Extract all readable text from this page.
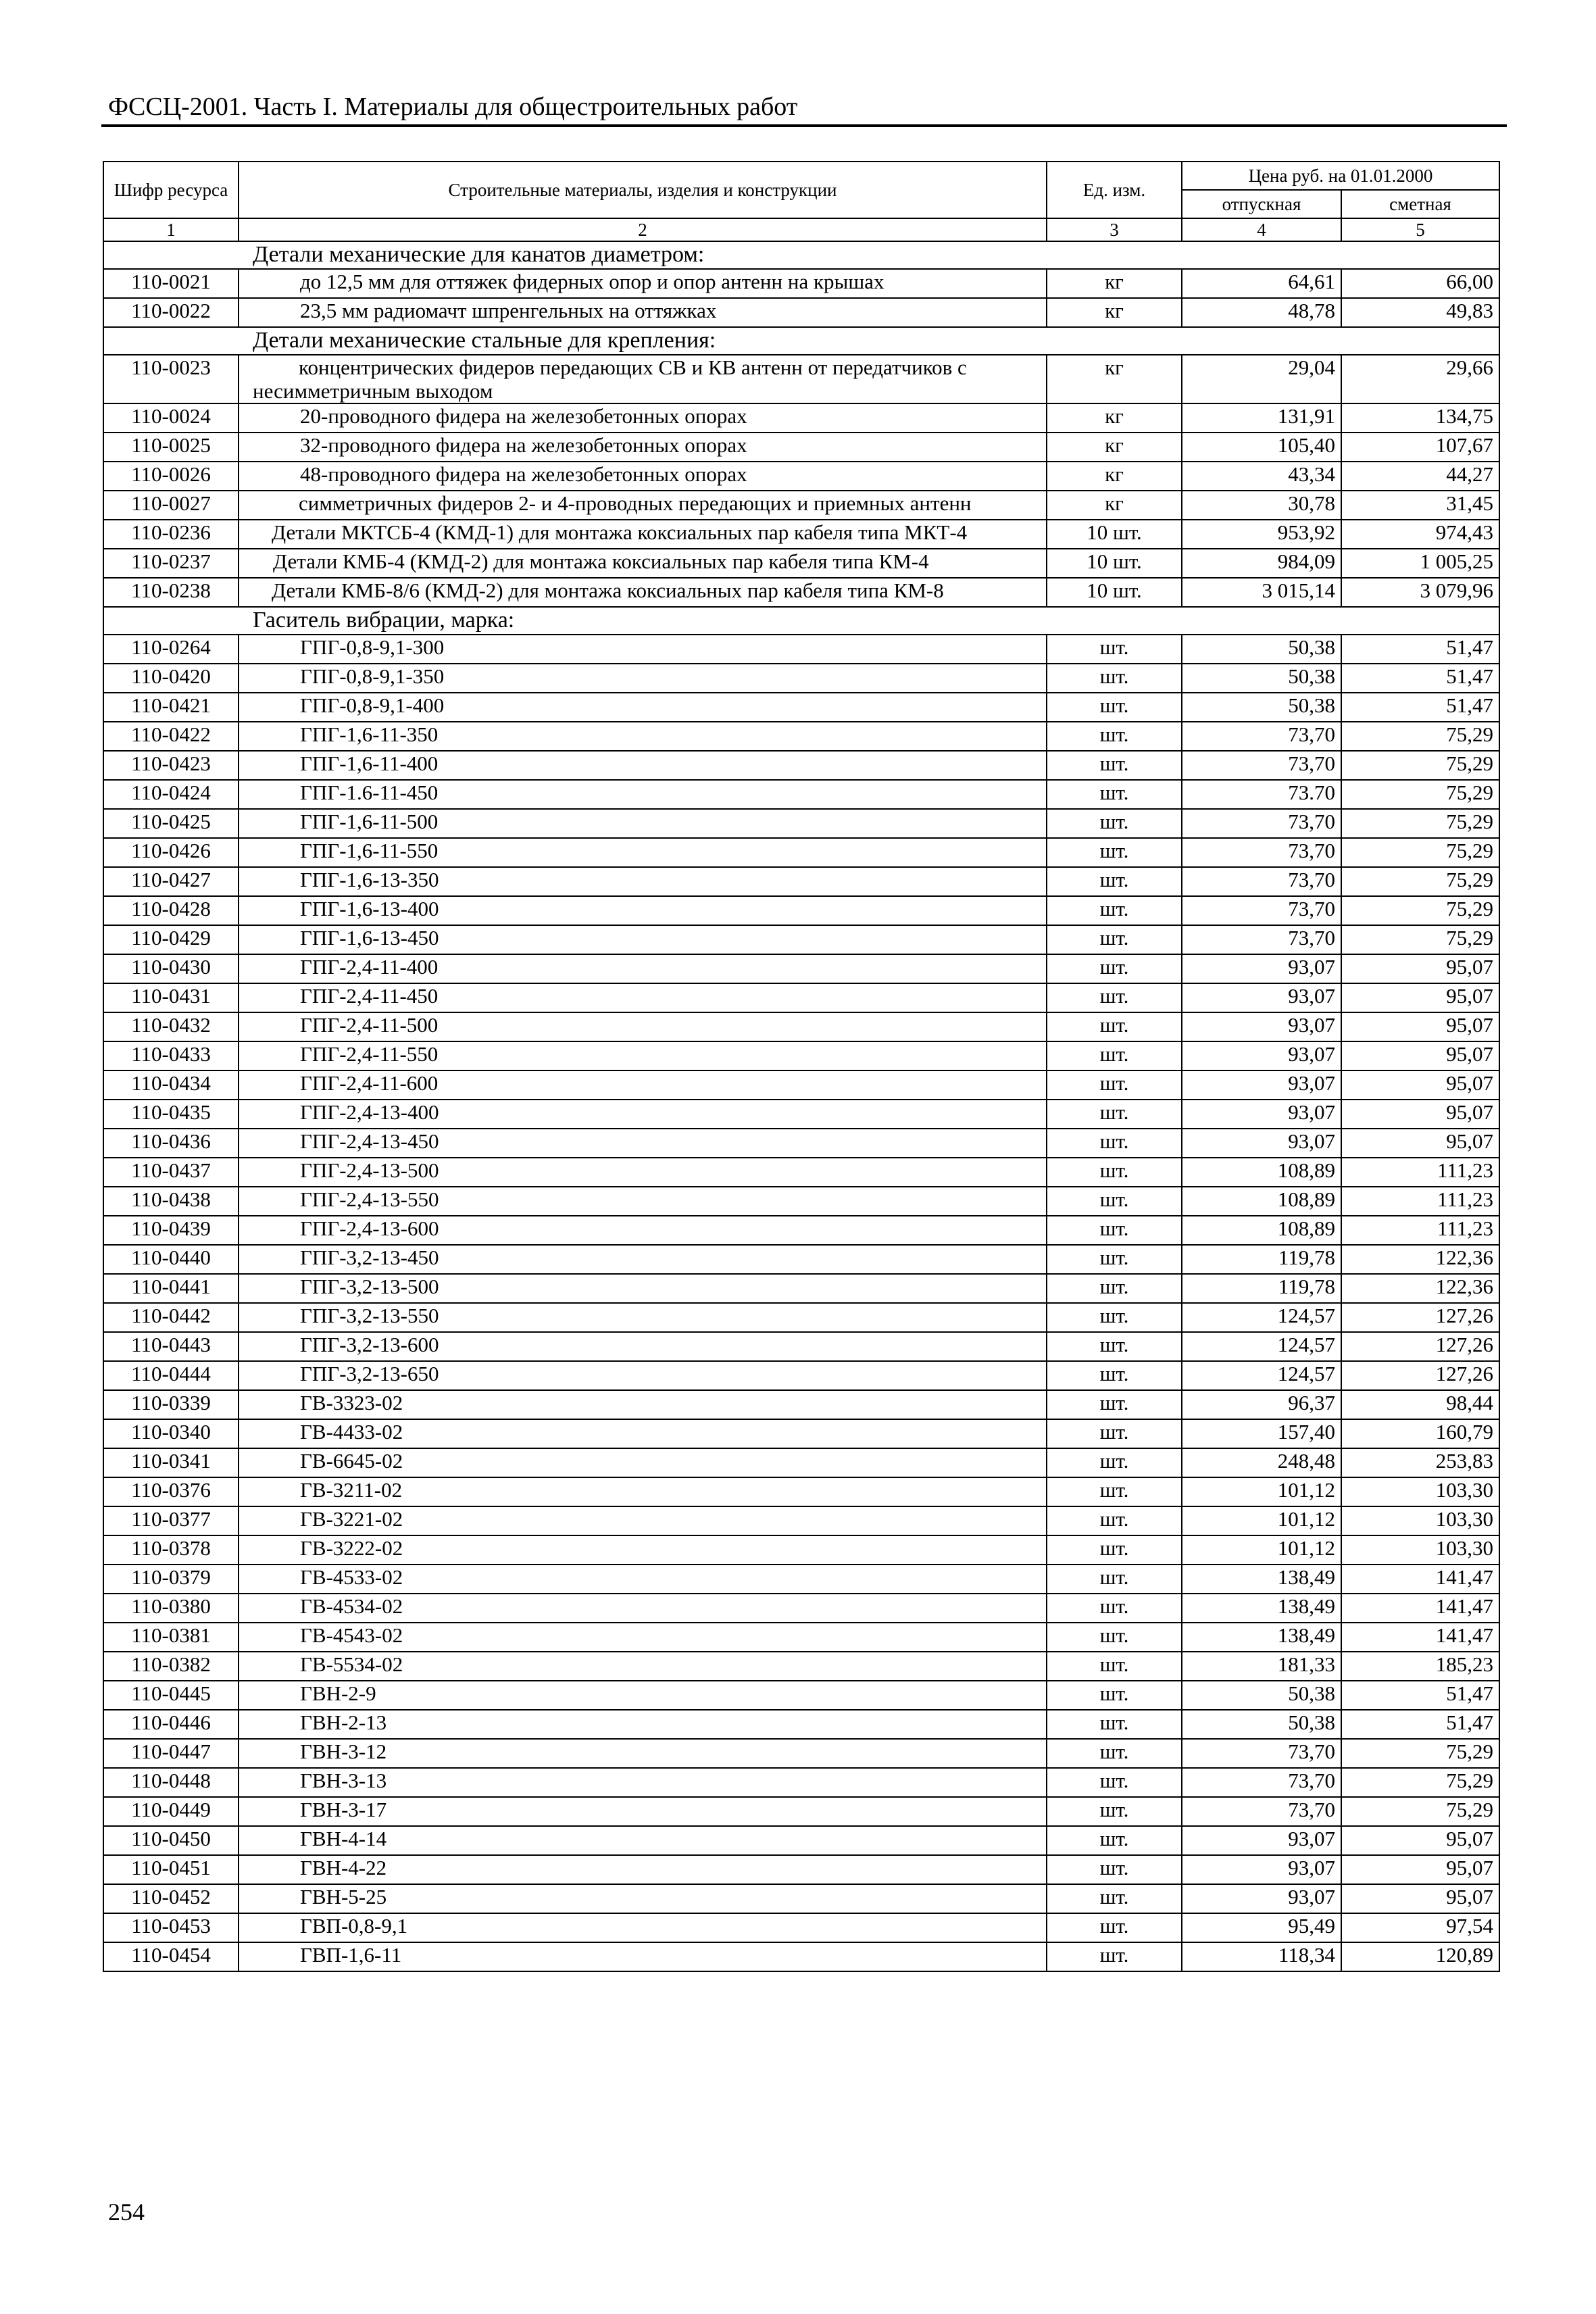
ФССЦ-2001. Часть I. Материалы для общестроительных работ
Шифр ресурса	Строительные материалы, изделия и конструкции	Ед. изм.	Цена руб. на 01.01.2000	
			отпускная	сметная
1	2	3	4	5
Детали механические для канатов диаметром:				
110-0021	до 12,5 мм для оттяжек фидерных опор и опор антенн на крышах	кг	64,61	66,00
110-0022	23,5 мм радиомачт шпренгельных на оттяжках	кг	48,78	49,83
Детали механические стальные для крепления:				
110-0023	концентрических фидеров передающих СВ и КВ антенн от передатчиков с несимметричным выходом	кг	29,04	29,66
110-0024	20-проводного фидера на железобетонных опорах	кг	131,91	134,75
110-0025	32-проводного фидера на железобетонных опорах	кг	105,40	107,67
110-0026	48-проводного фидера на железобетонных опорах	кг	43,34	44,27
110-0027	симметричных фидеров 2- и 4-проводных передающих и приемных антенн	кг	30,78	31,45
110-0236	Детали МКТСБ-4 (КМД-1) для монтажа коксиальных пар кабеля типа МКТ-4	10 шт.	953,92	974,43
110-0237	Детали КМБ-4 (КМД-2) для монтажа коксиальных пар кабеля типа КМ-4	10 шт.	984,09	1 005,25
110-0238	Детали КМБ-8/6 (КМД-2) для монтажа коксиальных пар кабеля типа КМ-8	10 шт.	3 015,14	3 079,96
Гаситель вибрации, марка:				
110-0264	ГПГ-0,8-9,1-300	шт.	50,38	51,47
110-0420	ГПГ-0,8-9,1-350	шт.	50,38	51,47
110-0421	ГПГ-0,8-9,1-400	шт.	50,38	51,47
110-0422	ГПГ-1,6-11-350	шт.	73,70	75,29
110-0423	ГПГ-1,6-11-400	шт.	73,70	75,29
110-0424	ГПГ-1.6-11-450	шт.	73.70	75,29
110-0425	ГПГ-1,6-11-500	шт.	73,70	75,29
110-0426	ГПГ-1,6-11-550	шт.	73,70	75,29
110-0427	ГПГ-1,6-13-350	шт.	73,70	75,29
110-0428	ГПГ-1,6-13-400	шт.	73,70	75,29
110-0429	ГПГ-1,6-13-450	шт.	73,70	75,29
110-0430	ГПГ-2,4-11-400	шт.	93,07	95,07
110-0431	ГПГ-2,4-11-450	шт.	93,07	95,07
110-0432	ГПГ-2,4-11-500	шт.	93,07	95,07
110-0433	ГПГ-2,4-11-550	шт.	93,07	95,07
110-0434	ГПГ-2,4-11-600	шт.	93,07	95,07
110-0435	ГПГ-2,4-13-400	шт.	93,07	95,07
110-0436	ГПГ-2,4-13-450	шт.	93,07	95,07
110-0437	ГПГ-2,4-13-500	шт.	108,89	111,23
110-0438	ГПГ-2,4-13-550	шт.	108,89	111,23
110-0439	ГПГ-2,4-13-600	шт.	108,89	111,23
110-0440	ГПГ-3,2-13-450	шт.	119,78	122,36
110-0441	ГПГ-3,2-13-500	шт.	119,78	122,36
110-0442	ГПГ-3,2-13-550	шт.	124,57	127,26
110-0443	ГПГ-3,2-13-600	шт.	124,57	127,26
110-0444	ГПГ-3,2-13-650	шт.	124,57	127,26
110-0339	ГВ-3323-02	шт.	96,37	98,44
110-0340	ГВ-4433-02	шт.	157,40	160,79
110-0341	ГВ-6645-02	шт.	248,48	253,83
110-0376	ГВ-3211-02	шт.	101,12	103,30
110-0377	ГВ-3221-02	шт.	101,12	103,30
110-0378	ГВ-3222-02	шт.	101,12	103,30
110-0379	ГВ-4533-02	шт.	138,49	141,47
110-0380	ГВ-4534-02	шт.	138,49	141,47
110-0381	ГВ-4543-02	шт.	138,49	141,47
110-0382	ГВ-5534-02	шт.	181,33	185,23
110-0445	ГВН-2-9	шт.	50,38	51,47
110-0446	ГВН-2-13	шт.	50,38	51,47
110-0447	ГВН-3-12	шт.	73,70	75,29
110-0448	ГВН-3-13	шт.	73,70	75,29
110-0449	ГВН-3-17	шт.	73,70	75,29
110-0450	ГВН-4-14	шт.	93,07	95,07
110-0451	ГВН-4-22	шт.	93,07	95,07
110-0452	ГВН-5-25	шт.	93,07	95,07
110-0453	ГВП-0,8-9,1	шт.	95,49	97,54
110-0454	ГВП-1,6-11	шт.	118,34	120,89
254
